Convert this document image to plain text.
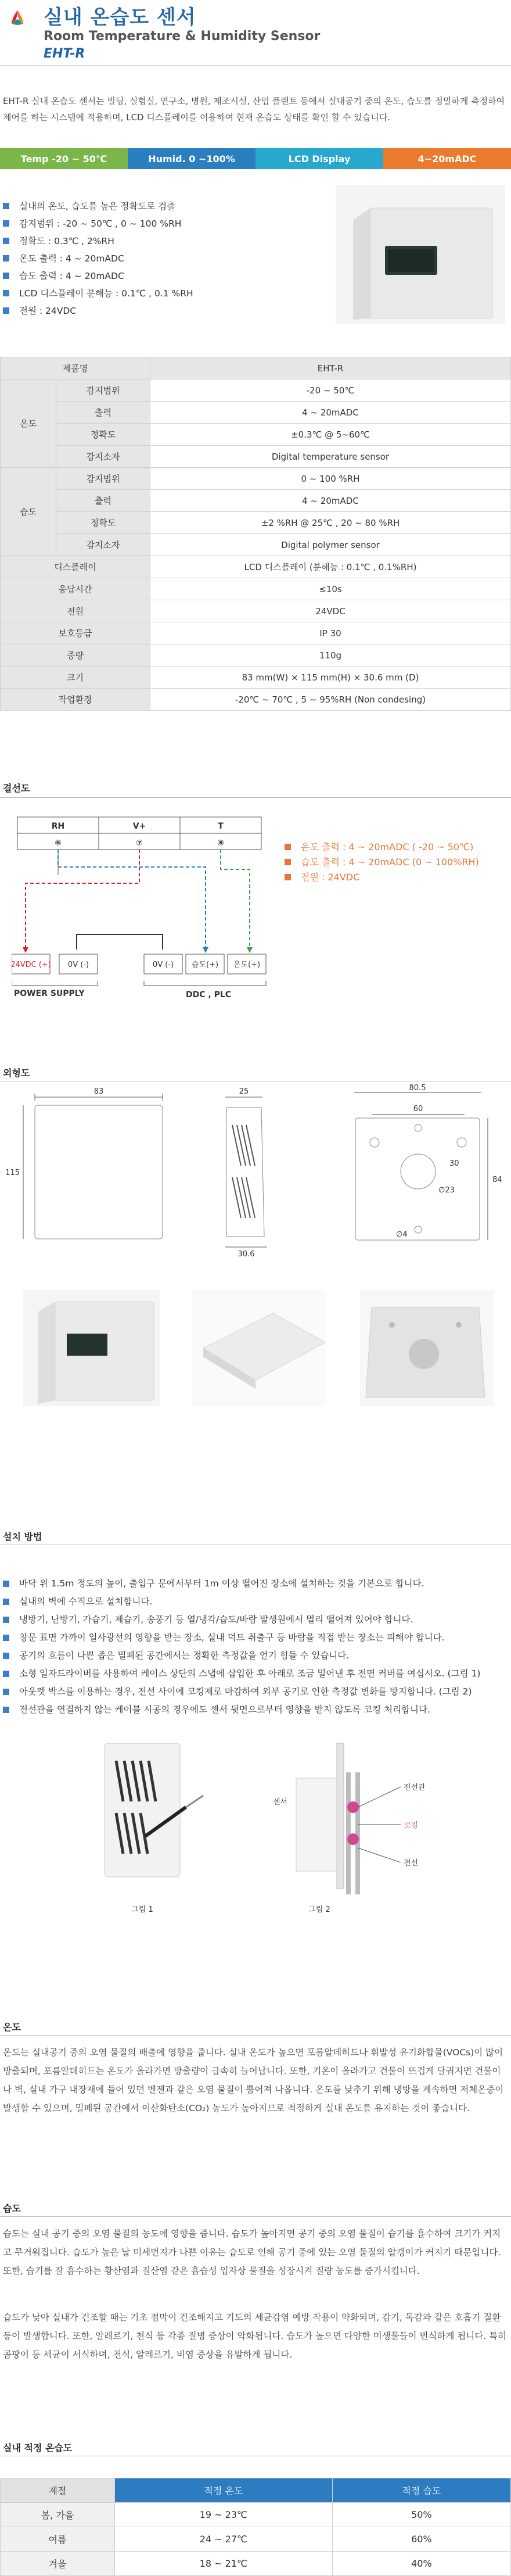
실내 온습도 센서
Room Temperature & Humidity Sensor
EHT-R
EHT-R 실내 온습도 센서는 빌딩, 실험실, 연구소, 병원, 제조시설, 산업 플랜트 등에서 실내공기 중의 온도, 습도를 정밀하게 측정하여 제어를 하는 시스템에 적용하며, LCD 디스플레이를 이용하여 현재 온습도 상태를 확인 할 수 있습니다.
Temp -20 ~ 50℃	Humid. 0 ~100%	LCD Display	4~20mADC
실내의 온도, 습도를 높은 정확도로 검출
감지범위 : -20 ~ 50℃ , 0 ~ 100 %RH
정확도 : 0.3℃ , 2%RH
온도 출력 : 4 ~ 20mADC
습도 출력 : 4 ~ 20mADC
LCD 디스플레이 분해능 : 0.1℃ , 0.1 %RH
전원 : 24VDC
제품명		EHT-R
온도	감지범위	-20 ~ 50℃
	출력	4 ~ 20mADC
	정확도	±0.3℃ @ 5~60℃
	감지소자	Digital temperature sensor
습도	감지범위	0 ~ 100 %RH
	출력	4 ~ 20mADC
	정확도	±2 %RH @ 25℃ , 20 ~ 80 %RH
	감지소자	Digital polymer sensor
디스플레이		LCD 디스플레이 (분해능 : 0.1℃ , 0.1%RH)
응답시간		≤10s
전원		24VDC
보호등급		IP 30
중량		110g
크기		83 mm(W) × 115 mm(H) × 30.6 mm (D)
작업환경		-20℃ ~ 70℃ , 5 ~ 95%RH (Non condesing)
결선도
RH	V+	T
⑥	⑦	⑧
24VDC (+) 0V (-)
POWER SUPPLY
0V (-) 습도(+) 온도(+)
DDC , PLC
온도 출력 : 4 ~ 20mADC ( -20 ~ 50℃)
습도 출력 : 4 ~ 20mADC (0 ~ 100%RH)
전원 : 24VDC
외형도
83
115
25
30.6
80.5
60
84
30
∅23
∅4
설치 방법
바닥 위 1.5m 정도의 높이, 출입구 문에서부터 1m 이상 떨어진 장소에 설치하는 것을 기본으로 합니다.
실내의 벽에 수직으로 설치합니다.
냉방기, 난방기, 가습기, 제습기, 송풍기 등 열/냉각/습도/바람 발생원에서 멀리 떨어져 있어야 합니다.
창문 표면 가까이 일사광선의 영향을 받는 장소, 실내 덕트 취출구 등 바람을 직접 받는 장소는 피해야 합니다.
공기의 흐름이 나쁜 좁은 밀폐된 공간에서는 정확한 측정값을 얻기 힘들 수 있습니다.
소형 일자드라이버를 사용하여 케이스 상단의 스냅에 삽입한 후 아래로 조금 밀어낸 후 전면 커버를 여십시오. (그림 1)
아웃렛 박스를 이용하는 경우, 전선 사이에 코킹제로 마감하여 외부 공기로 인한 측정값 변화를 방지합니다. (그림 2)
전선관을 연결하지 않는 케이블 시공의 경우에도 센서 뒷면으로부터 영향을 받지 않도록 코킹 처리합니다.
그림 1
센서
전선관
코킹
전선
그림 2
온도
온도는 실내공기 중의 오염 물질의 배출에 영향을 줍니다. 실내 온도가 높으면 포름알데히드나 휘발성 유기화합물(VOCs)이 많이 방출되며, 포름알데히드는 온도가 올라가면 방출량이 급속히 늘어납니다. 또한, 기온이 올라가고 건물이 뜨겁게 달궈지면 건물이나 벽, 실내 가구 내장재에 들어 있던 벤젠과 같은 오염 물질이 뿜어져 나옵니다. 온도를 낮추기 위해 냉방을 계속하면 저체온증이 발생할 수 있으며, 밀폐된 공간에서 이산화탄소(CO₂) 농도가 높아지므로 적정하게 실내 온도를 유지하는 것이 좋습니다.
습도
습도는 실내 공기 중의 오염 물질의 농도에 영향을 줍니다. 습도가 높아지면 공기 중의 오염 물질이 습기를 흡수하여 크기가 커지고 무거워집니다. 습도가 높은 날 미세먼지가 나쁜 이유는 습도로 인해 공기 중에 있는 오염 물질의 알갱이가 커지기 때문입니다. 또한, 습기를 잘 흡수하는 황산염과 질산염 같은 흡습성 입자상 물질을 성장시켜 질량 농도를 증가시킵니다.
습도가 낮아 실내가 건조할 때는 기초 점막이 건조해지고 기도의 세균감염 예방 작용이 약화되며, 감기, 독감과 같은 호흡기 질환 등이 발생합니다. 또한, 알레르기, 천식 등 각종 질병 증상이 악화됩니다. 습도가 높으면 다양한 미생물들이 번식하게 됩니다. 특히 곰팡이 등 세균이 서식하며, 천식, 알레르기, 비염 증상을 유발하게 됩니다.
실내 적정 온습도
계절	적정 온도	적정 습도
봄, 가을	19 ~ 23℃	50%
여름	24 ~ 27℃	60%
겨울	18 ~ 21℃	40%
